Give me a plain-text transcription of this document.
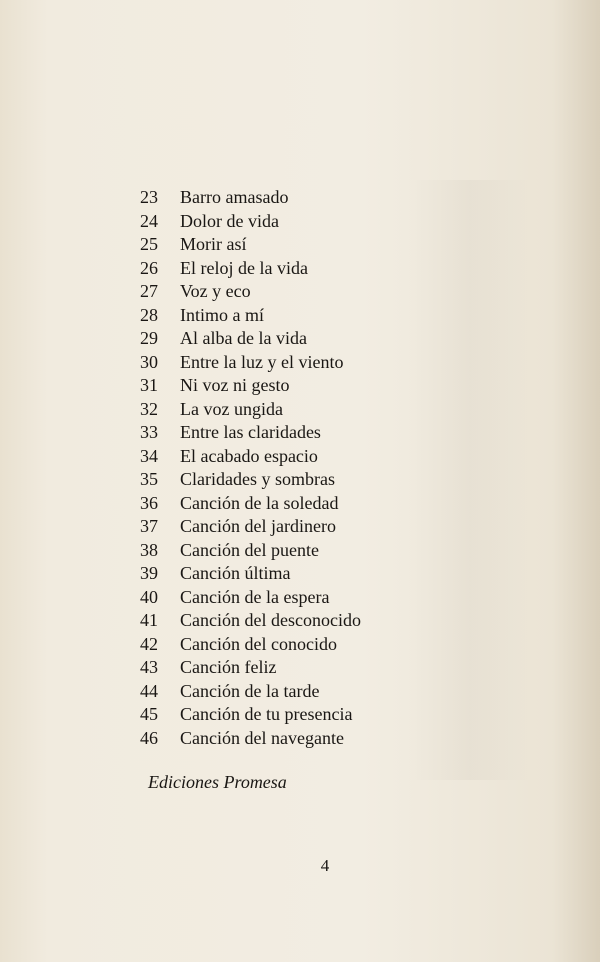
23 Barro amasado
24 Dolor de vida
25 Morir así
26 El reloj de la vida
27 Voz y eco
28 Intimo a mí
29 Al alba de la vida
30 Entre la luz y el viento
31 Ni voz ni gesto
32 La voz ungida
33 Entre las claridades
34 El acabado espacio
35 Claridades y sombras
36 Canción de la soledad
37 Canción del jardinero
38 Canción del puente
39 Canción última
40 Canción de la espera
41 Canción del desconocido
42 Canción del conocido
43 Canción feliz
44 Canción de la tarde
45 Canción de tu presencia
46 Canción del navegante
Ediciones Promesa
4
